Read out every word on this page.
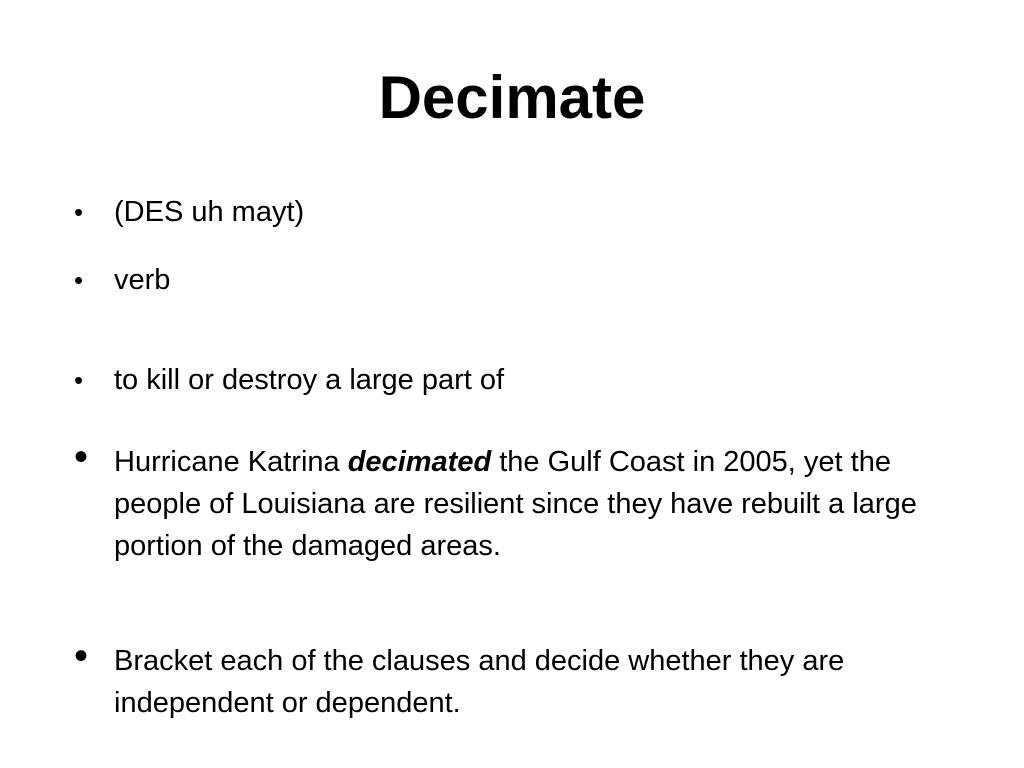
Decimate
• (DES uh mayt)
• verb
• to kill or destroy a large part of
• Hurricane Katrina decimated the Gulf Coast in 2005, yet the people of Louisiana are resilient since they have rebuilt a large portion of the damaged areas.
• Bracket each of the clauses and decide whether they are independent or dependent.
